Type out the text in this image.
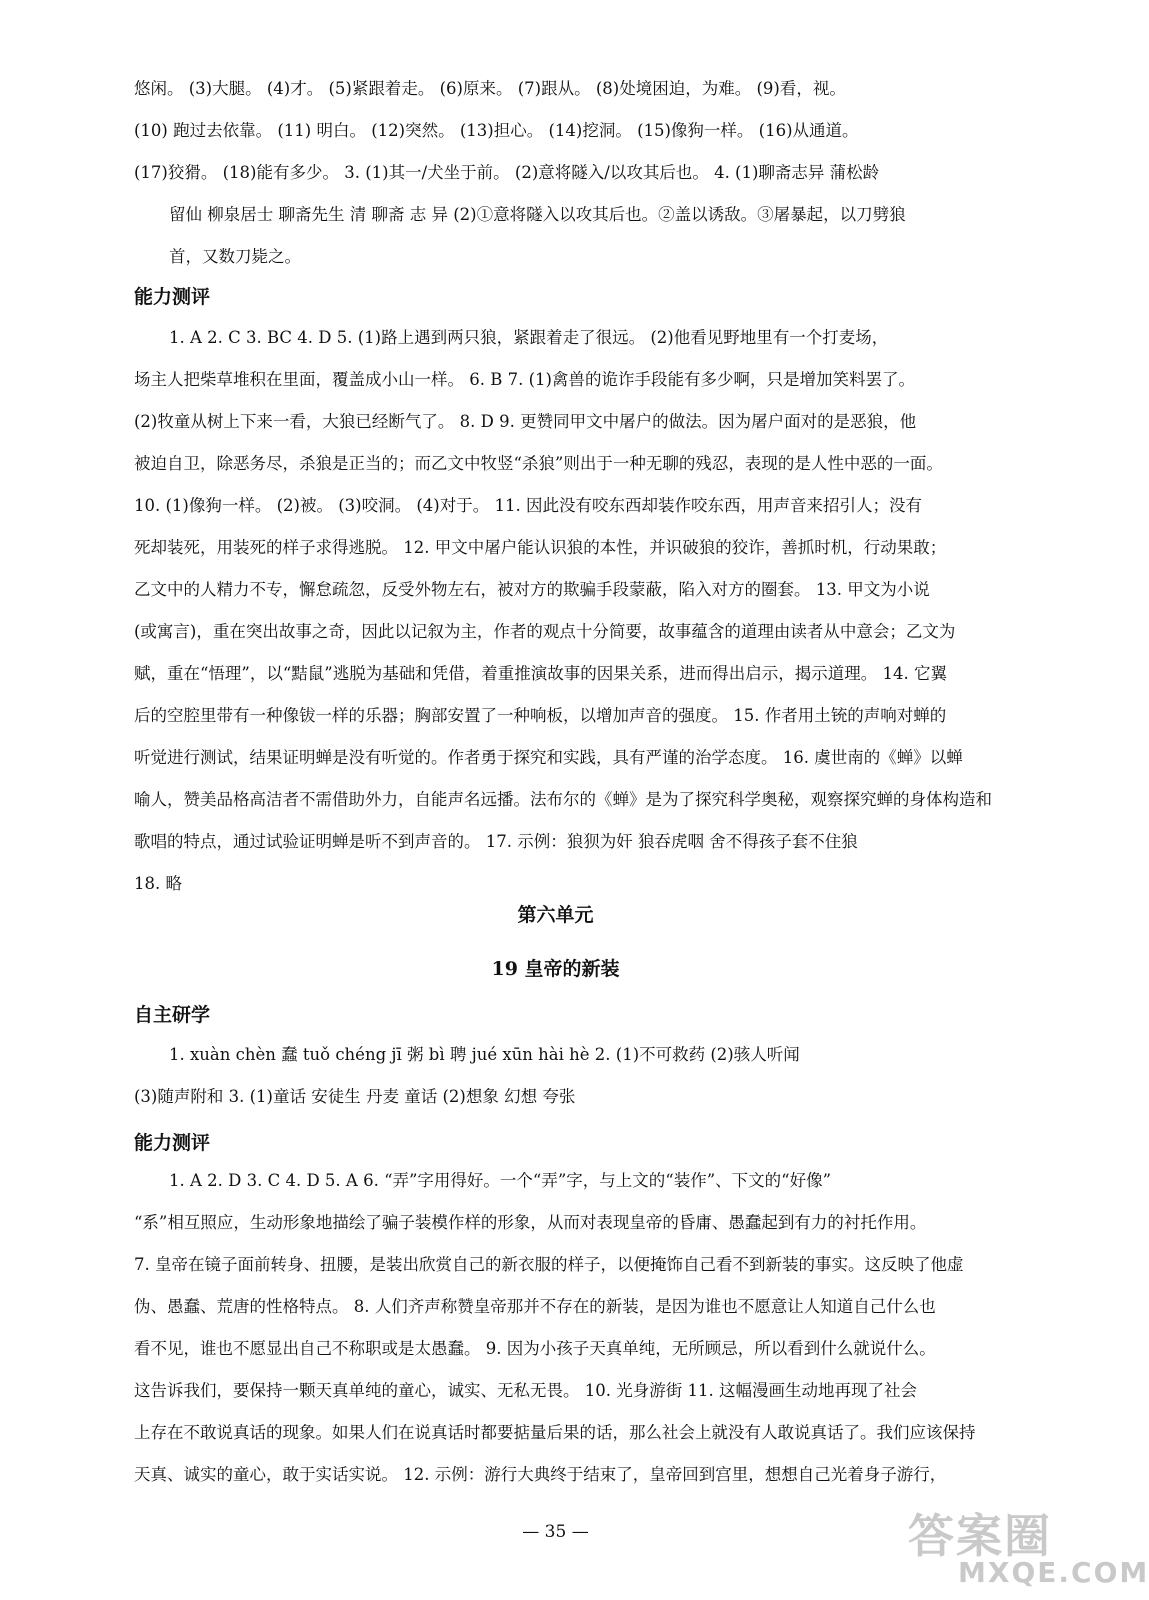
悠闲。 (3)大腿。 (4)才。 (5)紧跟着走。 (6)原来。 (7)跟从。 (8)处境困迫，为难。 (9)看，视。
(10) 跑过去依靠。 (11) 明白。 (12)突然。 (13)担心。 (14)挖洞。 (15)像狗一样。 (16)从通道。
(17)狡猾。 (18)能有多少。 3. (1)其一/犬坐于前。 (2)意将隧入/以攻其后也。 4. (1)聊斋志异 蒲松龄
留仙 柳泉居士 聊斋先生 清 聊斋 志 异 (2)①意将隧入以攻其后也。②盖以诱敌。③屠暴起，以刀劈狼
首，又数刀毙之。
能力测评
1. A 2. C 3. BC 4. D 5. (1)路上遇到两只狼，紧跟着走了很远。 (2)他看见野地里有一个打麦场，
场主人把柴草堆积在里面，覆盖成小山一样。 6. B 7. (1)禽兽的诡诈手段能有多少啊，只是增加笑料罢了。
(2)牧童从树上下来一看，大狼已经断气了。 8. D 9. 更赞同甲文中屠户的做法。因为屠户面对的是恶狼，他
被迫自卫，除恶务尽，杀狼是正当的；而乙文中牧竖“杀狼”则出于一种无聊的残忍，表现的是人性中恶的一面。
10. (1)像狗一样。 (2)被。 (3)咬洞。 (4)对于。 11. 因此没有咬东西却装作咬东西，用声音来招引人；没有
死却装死，用装死的样子求得逃脱。 12. 甲文中屠户能认识狼的本性，并识破狼的狡诈，善抓时机，行动果敢；
乙文中的人精力不专，懈怠疏忽，反受外物左右，被对方的欺骗手段蒙蔽，陷入对方的圈套。 13. 甲文为小说
(或寓言)，重在突出故事之奇，因此以记叙为主，作者的观点十分简要，故事蕴含的道理由读者从中意会；乙文为
赋，重在“悟理”，以“黠鼠”逃脱为基础和凭借，着重推演故事的因果关系，进而得出启示，揭示道理。 14. 它翼
后的空腔里带有一种像钹一样的乐器；胸部安置了一种响板，以增加声音的强度。 15. 作者用土铳的声响对蝉的
听觉进行测试，结果证明蝉是没有听觉的。作者勇于探究和实践，具有严谨的治学态度。 16. 虞世南的《蝉》以蝉
喻人，赞美品格高洁者不需借助外力，自能声名远播。法布尔的《蝉》是为了探究科学奥秘，观察探究蝉的身体构造和
歌唱的特点，通过试验证明蝉是听不到声音的。 17. 示例：狼狈为奸 狼吞虎咽 舍不得孩子套不住狼
18. 略
第六单元
19 皇帝的新装
自主研学
1. xuàn chèn 蠢 tuǒ chéng jī 粥 bì 聘 jué xūn hài hè 2. (1)不可救药 (2)骇人听闻
(3)随声附和 3. (1)童话 安徒生 丹麦 童话 (2)想象 幻想 夸张
能力测评
1. A 2. D 3. C 4. D 5. A 6. “弄”字用得好。一个“弄”字，与上文的“装作”、下文的“好像”
“系”相互照应，生动形象地描绘了骗子装模作样的形象，从而对表现皇帝的昏庸、愚蠢起到有力的衬托作用。
7. 皇帝在镜子面前转身、扭腰，是装出欣赏自己的新衣服的样子，以便掩饰自己看不到新装的事实。这反映了他虚
伪、愚蠢、荒唐的性格特点。 8. 人们齐声称赞皇帝那并不存在的新装，是因为谁也不愿意让人知道自己什么也
看不见，谁也不愿显出自己不称职或是太愚蠢。 9. 因为小孩子天真单纯，无所顾忌，所以看到什么就说什么。
这告诉我们，要保持一颗天真单纯的童心，诚实、无私无畏。 10. 光身游街 11. 这幅漫画生动地再现了社会
上存在不敢说真话的现象。如果人们在说真话时都要掂量后果的话，那么社会上就没有人敢说真话了。我们应该保持
天真、诚实的童心，敢于实话实说。 12. 示例：游行大典终于结束了，皇帝回到宫里，想想自己光着身子游行，
— 35 —	答案圈
MXQE.COM
